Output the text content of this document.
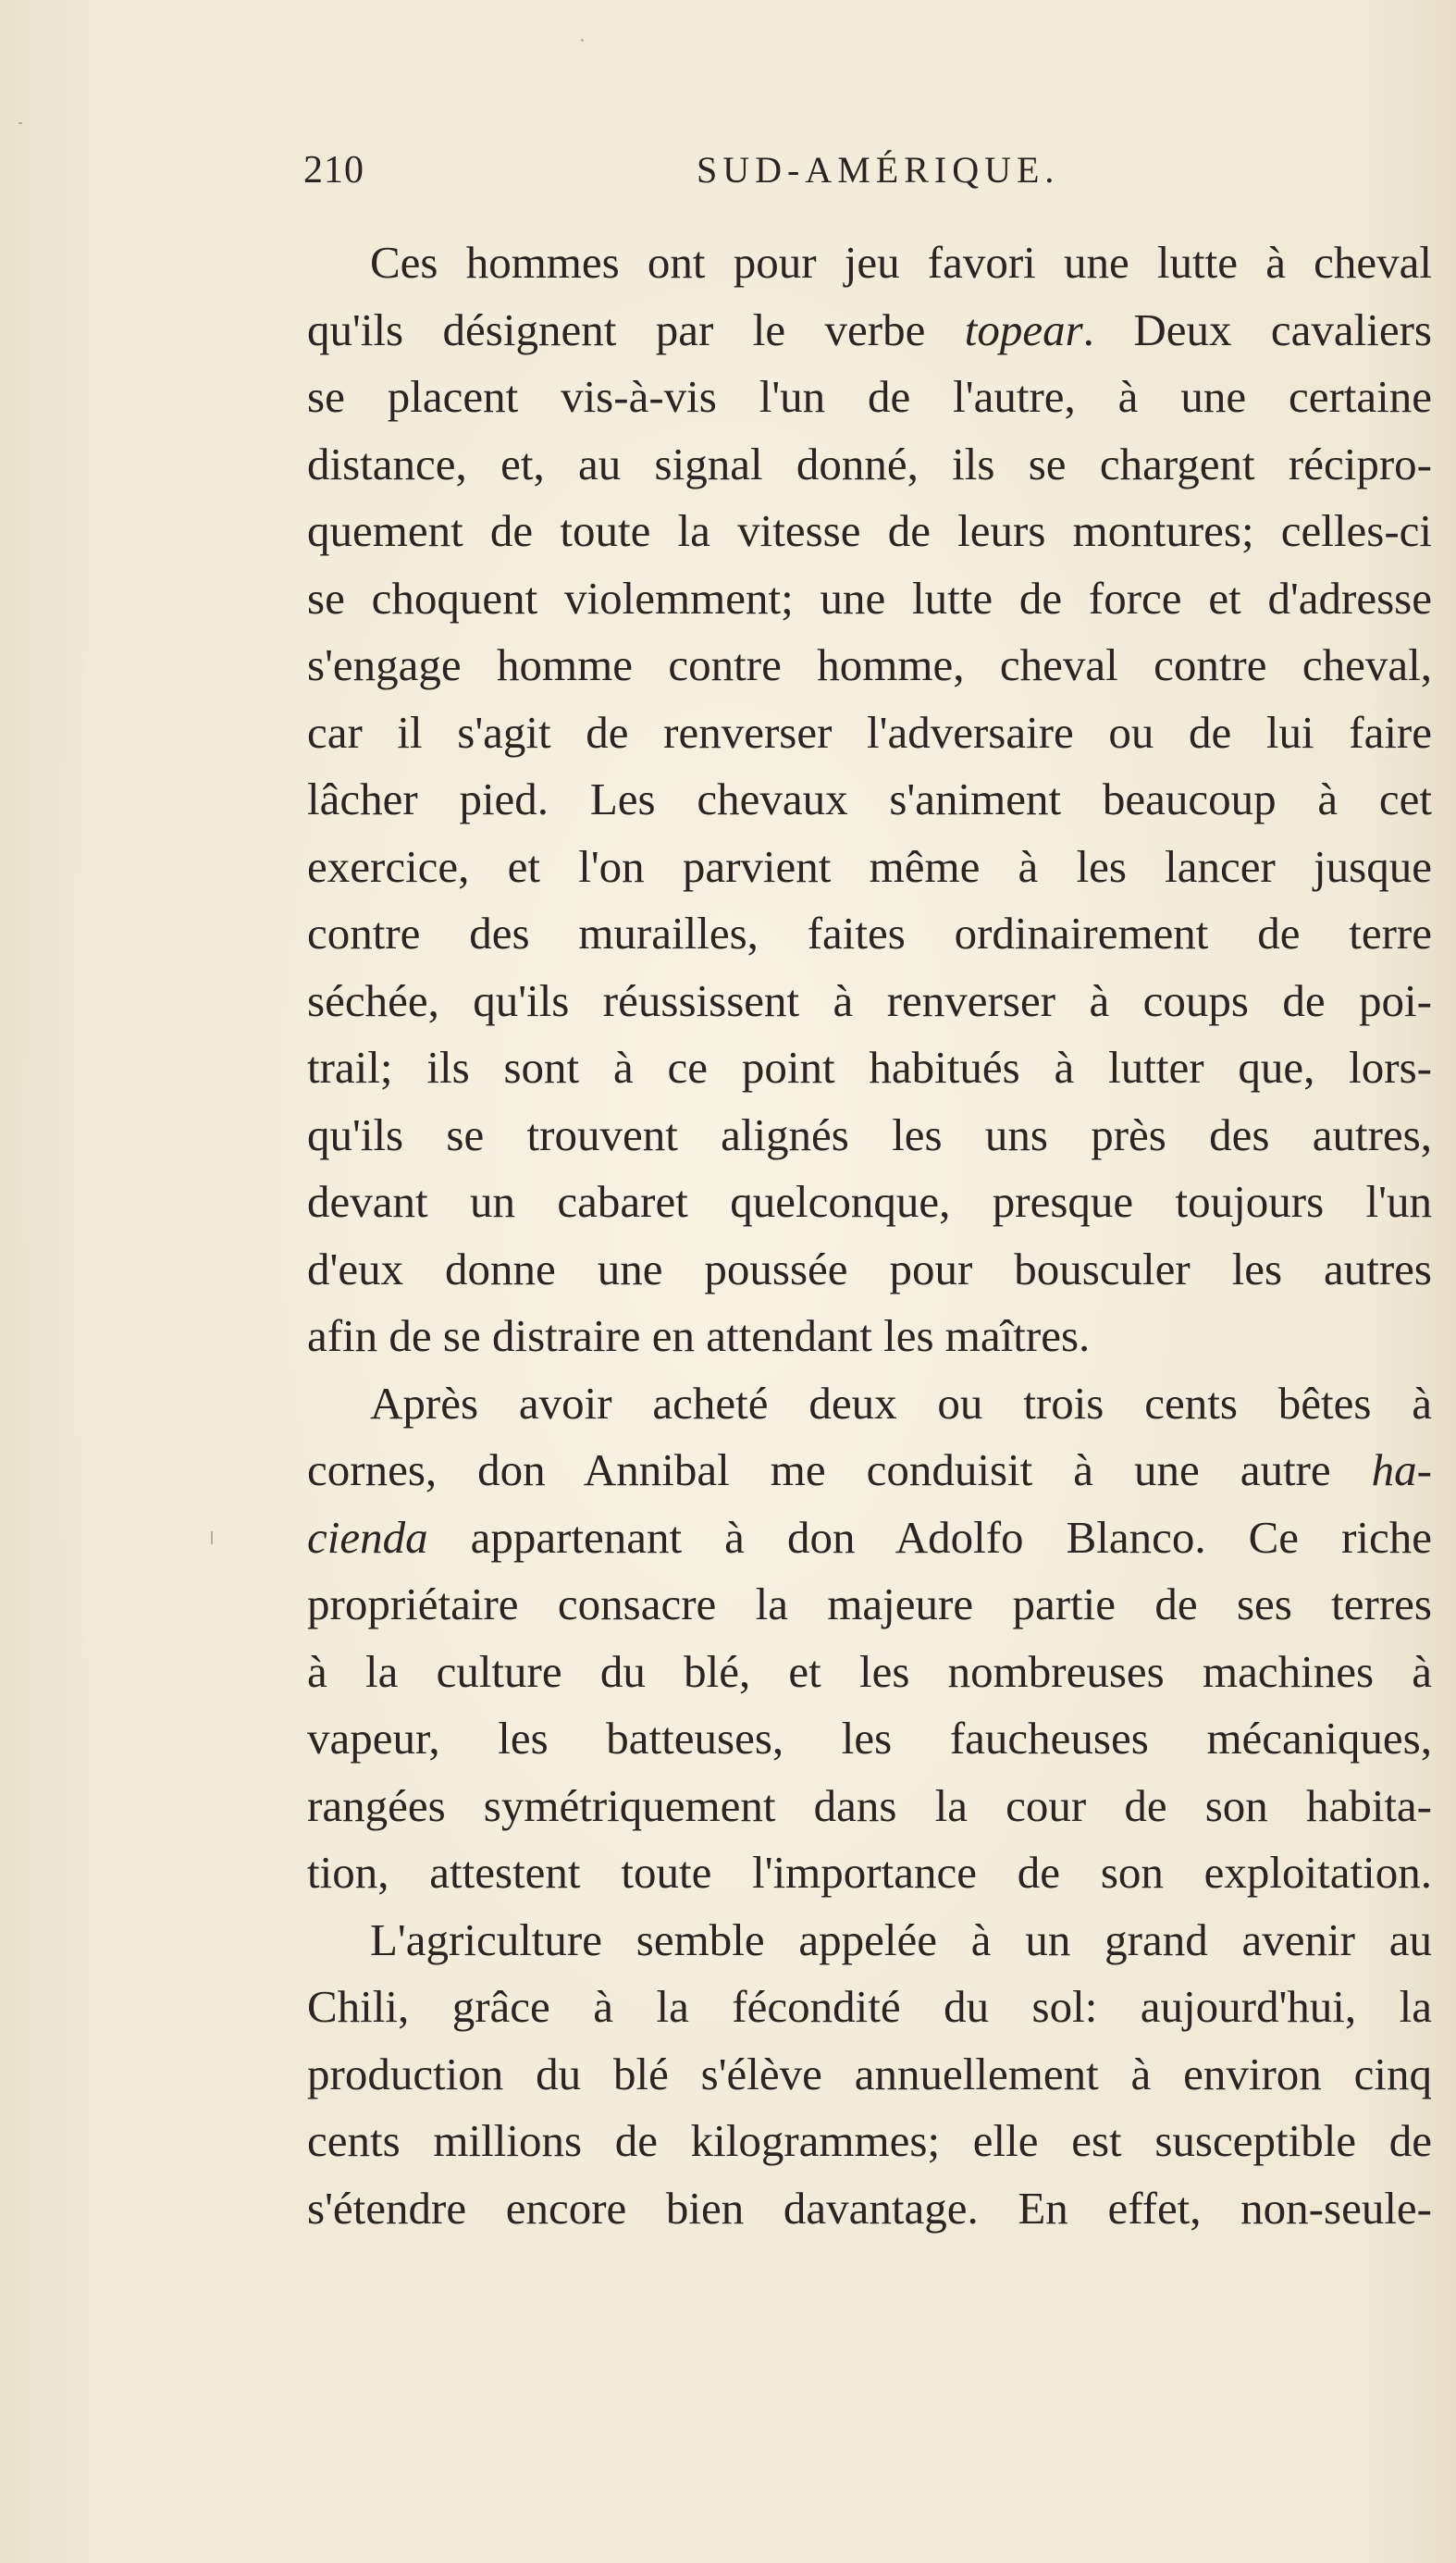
210	SUD-AMÉRIQUE.
Ces hommes ont pour jeu favori une lutte à cheval
qu'ils désignent par le verbe topear. Deux cavaliers
se placent vis-à-vis l'un de l'autre, à une certaine
distance, et, au signal donné, ils se chargent récipro-
quement de toute la vitesse de leurs montures; celles-ci
se choquent violemment; une lutte de force et d'adresse
s'engage homme contre homme, cheval contre cheval,
car il s'agit de renverser l'adversaire ou de lui faire
lâcher pied. Les chevaux s'animent beaucoup à cet
exercice, et l'on parvient même à les lancer jusque
contre des murailles, faites ordinairement de terre
séchée, qu'ils réussissent à renverser à coups de poi-
trail; ils sont à ce point habitués à lutter que, lors-
qu'ils se trouvent alignés les uns près des autres,
devant un cabaret quelconque, presque toujours l'un
d'eux donne une poussée pour bousculer les autres
afin de se distraire en attendant les maîtres.
Après avoir acheté deux ou trois cents bêtes à
cornes, don Annibal me conduisit à une autre ha-
cienda appartenant à don Adolfo Blanco. Ce riche
propriétaire consacre la majeure partie de ses terres
à la culture du blé, et les nombreuses machines à
vapeur, les batteuses, les faucheuses mécaniques,
rangées symétriquement dans la cour de son habita-
tion, attestent toute l'importance de son exploitation.
L'agriculture semble appelée à un grand avenir au
Chili, grâce à la fécondité du sol: aujourd'hui, la
production du blé s'élève annuellement à environ cinq
cents millions de kilogrammes; elle est susceptible de
s'étendre encore bien davantage. En effet, non-seule-
